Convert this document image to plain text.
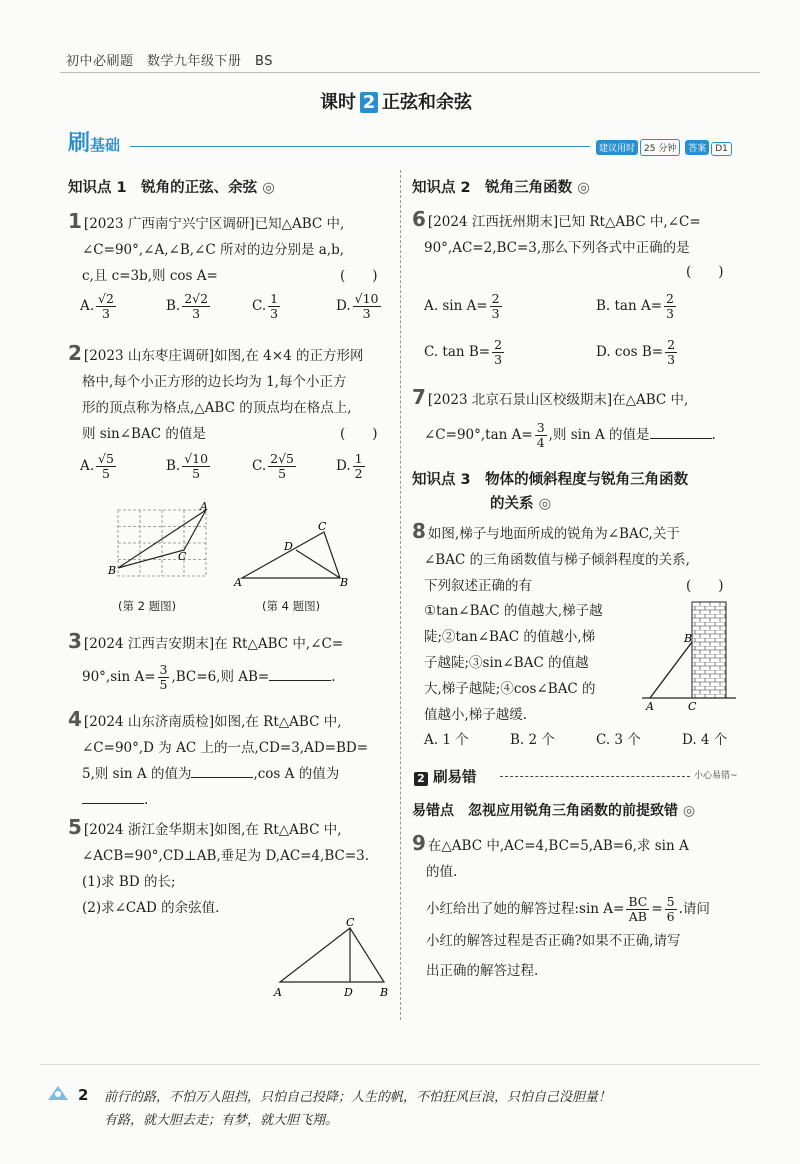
初中必刷题　数学九年级下册　BS
课时 2 正弦和余弦
刷基础	建议用时 25 分钟 答案 D1
知识点 1　锐角的正弦、余弦 ◎
1 [2023 广西南宁兴宁区调研]已知△ABC 中,
∠C=90°,∠A,∠B,∠C 所对的边分别是 a,b,
c,且 c=3b,则 cos A=	(　　)
A. $\frac{√2}{3}$	B. $\frac{2√2}{3}$	C. $\frac{1}{3}$	D. $\frac{√10}{3}$
2 [2023 山东枣庄调研]如图,在 4×4 的正方形网
格中,每个小正方形的边长均为 1,每个小正方
形的顶点称为格点,△ABC 的顶点均在格点上,
则 sin∠BAC 的值是	(　　)
A. $\frac{√5}{5}$	B. $\frac{√10}{5}$	C. $\frac{2√5}{5}$	D. $\frac{1}{2}$
A
B
C
(第 2 题图)
A	B
C
D
(第 4 题图)
3 [2024 江西吉安期末]在 Rt△ABC 中,∠C=
90°,sin $A= \frac{3}{5} ,BC=6$,则 AB=	.
4 [2024 山东济南质检]如图,在 Rt△ABC 中,
∠C=90°,D 为 AC 上的一点,CD=3,AD=BD=
5,则 sin A 的值为	,cos A 的值为
.
5 [2024 浙江金华期末]如图,在 Rt△ABC 中,
∠ACB=90°,CD⊥AB,垂足为 D,AC=4,BC=3.
(1)求 BD 的长;
(2)求∠CAD 的余弦值.
A	B
C
D
知识点 2　锐角三角函数 ◎
6 [2024 江西抚州期末]已知 Rt△ABC 中,∠C=
90°,AC=2,BC=3,那么下列各式中正确的是
(　　)
A. $\sin A= \frac{2}{3}$	B. $\tan A= \frac{2}{3}$
C. $\tan B= \frac{2}{3}$	D. $\cos B= \frac{2}{3}$
7 [2023 北京石景山区校级期末]在△ABC 中,
∠C=90°,tan $A= \frac{3}{4}$ ,则 sin A 的值是	.
知识点 3　物体的倾斜程度与锐角三角函数
的关系 ◎
8 如图,梯子与地面所成的锐角为∠BAC,关于
∠BAC 的三角函数值与梯子倾斜程度的关系,
下列叙述正确的有	(　　)
①tan∠BAC 的值越大,梯子越
陡;②tan∠BAC 的值越小,梯
子越陡;③sin∠BAC 的值越
大,梯子越陡;④cos∠BAC 的
值越小,梯子越缓.
B
A	C
A. 1 个	B. 2 个	C. 3 个	D. 4 个
2 刷易错	小心易错~
易错点　忽视应用锐角三角函数的前提致错 ◎
9 在△ABC 中,AC=4,BC=5,AB=6,求 sin A
的值.
小红给出了她的解答过程:sin $A= \frac{BC}{AB} = \frac{5}{6}$ .请问
小红的解答过程是否正确?如果不正确,请写
出正确的解答过程.
2 前行的路，不怕万人阻挡，只怕自己投降；人生的帆，不怕狂风巨浪，只怕自己没胆量！
有路，就大胆去走；有梦，就大胆飞翔。
